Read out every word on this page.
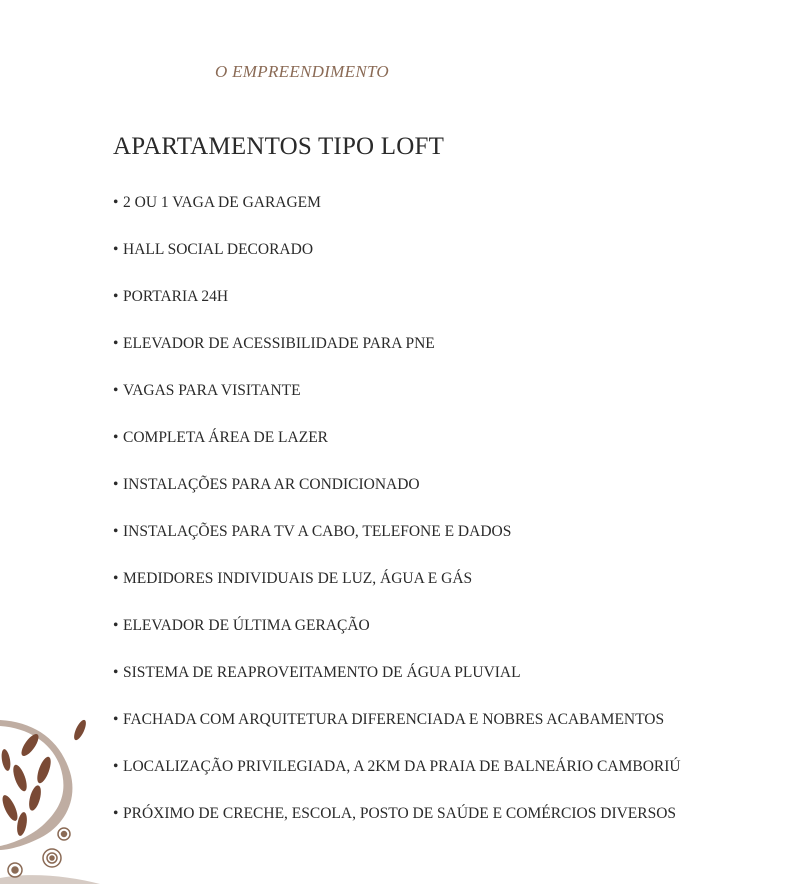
O EMPREENDIMENTO
APARTAMENTOS TIPO LOFT
• 2 OU 1 VAGA DE GARAGEM
• HALL SOCIAL DECORADO
• PORTARIA 24H
• ELEVADOR DE ACESSIBILIDADE PARA PNE
• VAGAS PARA VISITANTE
• COMPLETA ÁREA DE LAZER
• INSTALAÇÕES PARA AR CONDICIONADO
• INSTALAÇÕES PARA TV A CABO, TELEFONE E DADOS
• MEDIDORES INDIVIDUAIS DE LUZ, ÁGUA E GÁS
• ELEVADOR DE ÚLTIMA GERAÇÃO
• SISTEMA DE REAPROVEITAMENTO DE ÁGUA PLUVIAL
• FACHADA COM ARQUITETURA DIFERENCIADA E NOBRES ACABAMENTOS
• LOCALIZAÇÃO PRIVILEGIADA, A 2KM DA PRAIA DE BALNEÁRIO CAMBORIÚ
• PRÓXIMO DE CRECHE, ESCOLA, POSTO DE SAÚDE E COMÉRCIOS DIVERSOS
